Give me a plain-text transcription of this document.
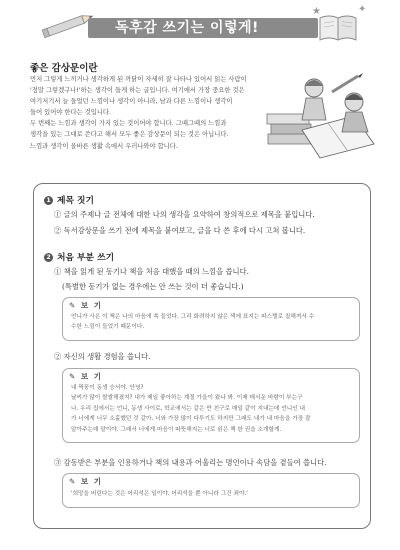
독후감 쓰기는 이렇게!
★	✦
좋은 감상문이란
먼저 그렇게 느끼거나 생각하게 된 까닭이 자세히 잘 나타나 있어서 읽는 사람이
'정말 그렇겠구나!'하는 생각이 들게 하는 글입니다. 여기에서 가장 중요한 것은
여기저기서 늘 들었던 느낌이나 생각이 아니라, 남과 다른 느낌이나 생각이
들어 있어야 한다는 것입니다.
두 번째는 느낌과 생각이 가지 있는 것이어야 합니다. 그때그때의 느낌과
생각을 있는 그대로 쓴다고 해서 모두 좋은 감상문이 되는 것은 아닙니다.
느낌과 생각이 올바른 생활 속에서 우러나와야 합니다.
1 제목 짓기
① 글의 주제나 글 전체에 대한 나의 생각을 요약하여 창의적으로 제목을 붙입니다.
② 독서감상문을 쓰기 전에 제목을 붙여보고, 글을 다 쓴 후에 다시 고쳐 봅니다.
2 처음 부분 쓰기
① 책을 읽게 된 동기나 책을 처음 대했을 때의 느낌을 씁니다.
(특별한 동기가 없는 경우에는 안 쓰는 것이 더 좋습니다.)
✎ 보 기
언니가 사온 이 책은 나의 마음에 쏙 들었다. 그리 화려하지 않은 색에 표지는 파스텔로 칠해져서 수
수한 느낌이 들었기 때문이다.
② 자신의 생활 경험을 씁니다.
✎ 보 기
내 짝꿍이 동생 승서야. 안녕?
날씨가 많이 쌀쌀해졌지? 내가 제일 좋아하는 계절 가을이 왔나 봐. 이제 매서운 바람이 부는구
나. 우리 집에서는 언니, 동생 사이로, 학교에서는 같은 반 친구로 매일 같이 지내는데 언니인 내
가 너에게 너무 소홀했던 것 같아. 너와 가장 많이 다투기도 하지만 그래도 내가 내 마음을 가장 잘
알아주는데 말이야. 그래서 너에게 마음이 따뜻해지는 너로 읽은 책 한 권을 소개할게.
③ 감동받은 부분을 인용하거나 책의 내용과 어울리는 명언이나 속담을 곁들여 씁니다.
✎ 보 기
'희망을 버린다는 것은 어리석은 일이야. 어리석을 뿐 아니라 그건 죄야.'
